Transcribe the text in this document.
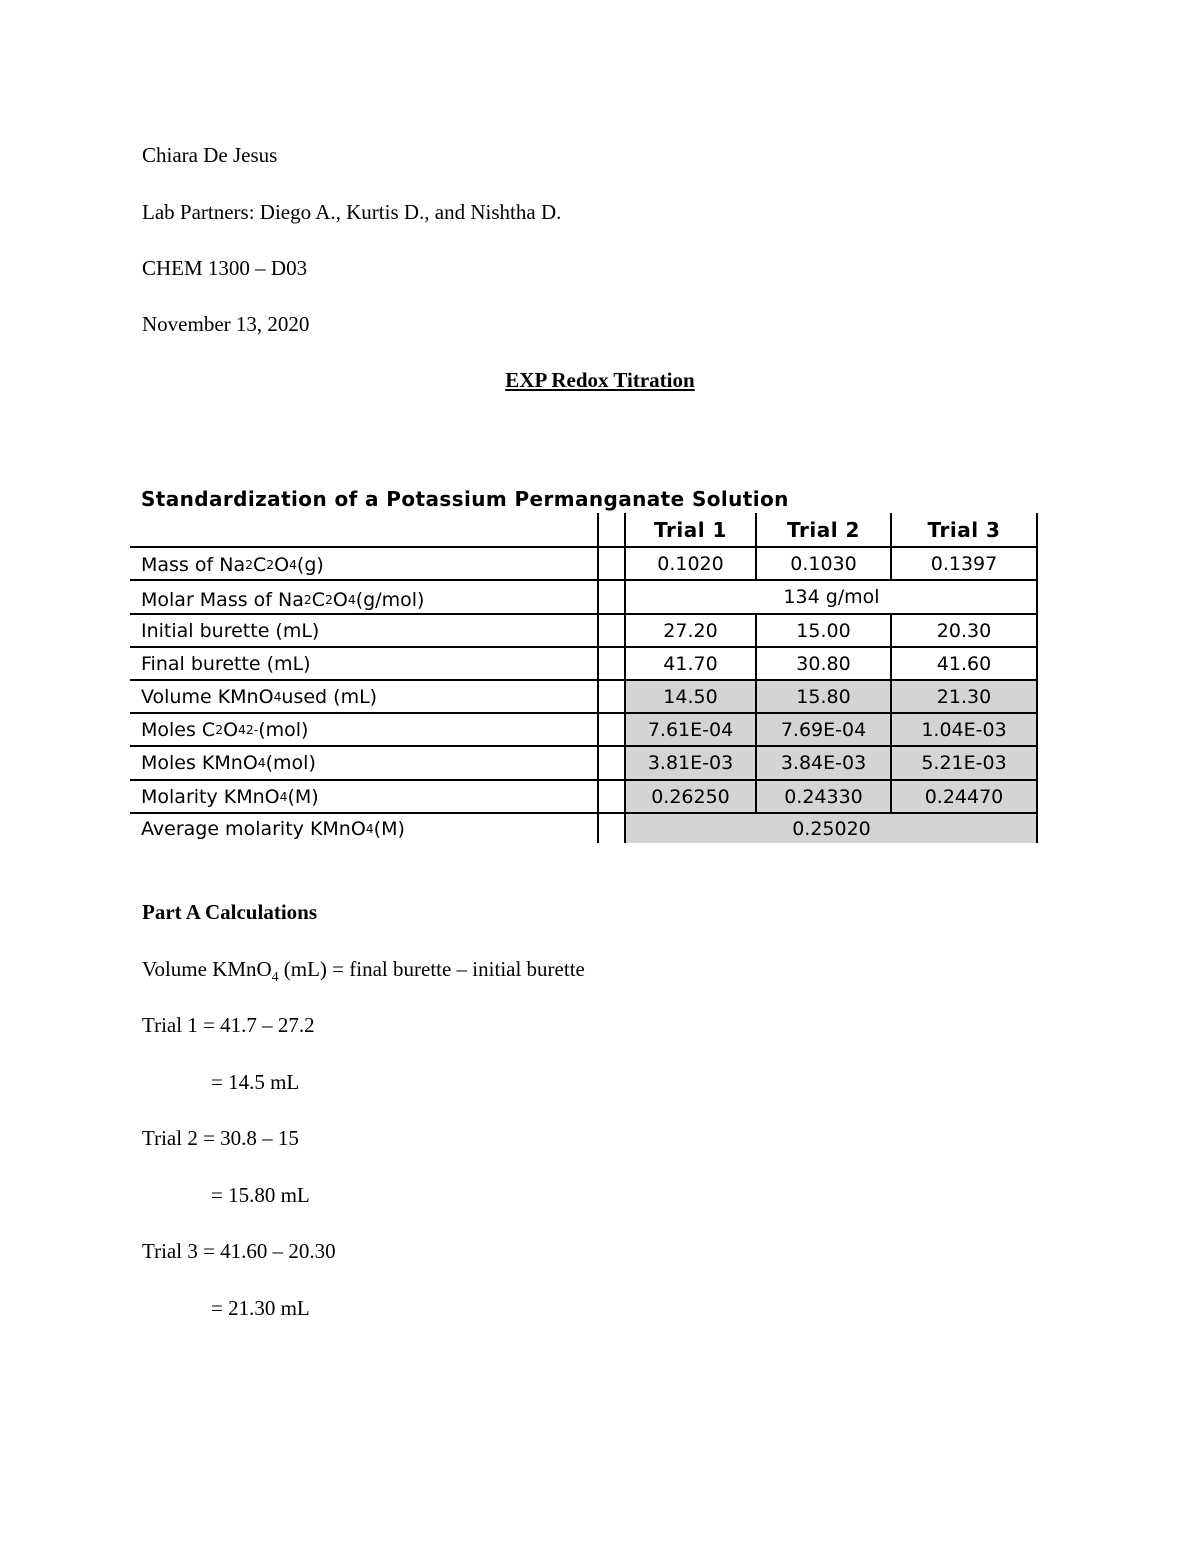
Chiara De Jesus
Lab Partners: Diego A., Kurtis D., and Nishtha D.
CHEM 1300 – D03
November 13, 2020
EXP Redox Titration
Standardization of a Potassium Permanganate Solution
Trial 1	Trial 2	Trial 3
Mass of Na 2 C 2 O 4 (g)	0.1020	0.1030	0.1397
Molar Mass of Na 2 C 2 O 4 (g/mol)	134 g/mol
Initial burette (mL)	27.20	15.00	20.30
Final burette (mL)	41.70	30.80	41.60
Volume KMnO 4 used (mL)	14.50	15.80	21.30
Moles C 2 O 4 2- (mol)	7.61E-04	7.69E-04	1.04E-03
Moles KMnO 4 (mol)	3.81E-03	3.84E-03	5.21E-03
Molarity KMnO 4 (M)	0.26250	0.24330	0.24470
Average molarity KMnO 4 (M)	0.25020
Part A Calculations
Volume KMnO$_4$ (mL) = final burette – initial burette
Trial 1 = 41.7 – 27.2
= 14.5 mL
Trial 2 = 30.8 – 15
= 15.80 mL
Trial 3 = 41.60 – 20.30
= 21.30 mL
